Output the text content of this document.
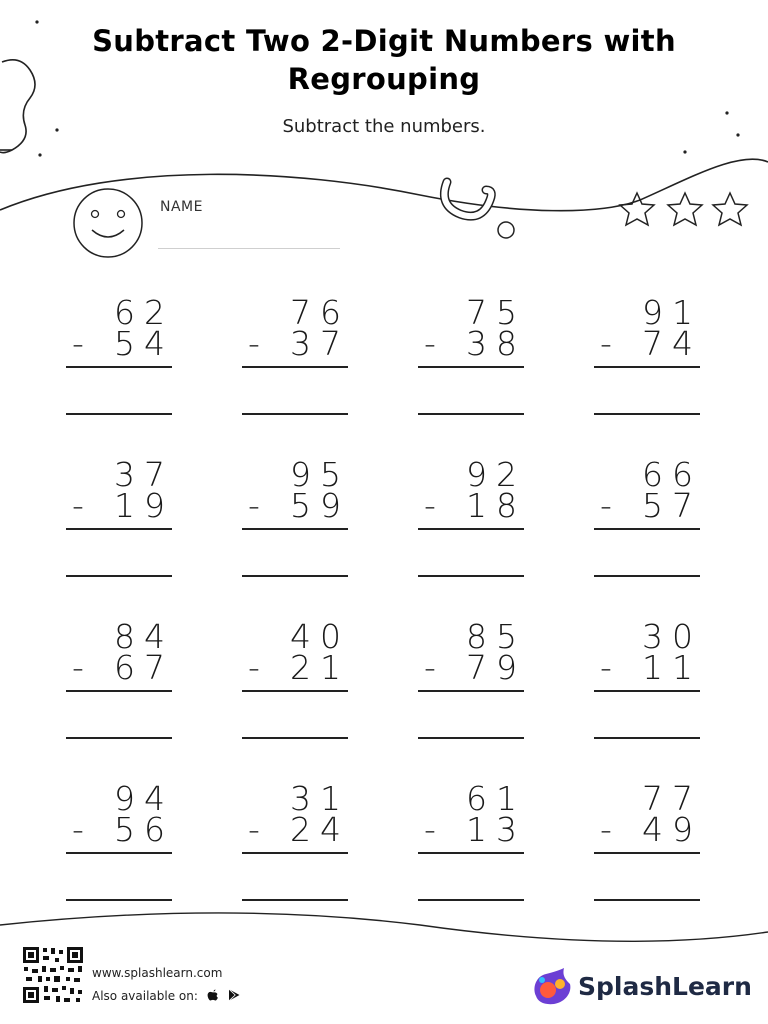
Subtract Two 2-Digit Numbers with Regrouping
Subtract the numbers.
NAME
62
- 54
76
- 37
75
- 38
91
- 74
37
- 19
95
- 59
92
- 18
66
- 57
84
- 67
40
- 21
85
- 79
30
- 11
94
- 56
31
- 24
61
- 13
77
- 49
www.splashlearn.com
Also available on:	SplashLearn
